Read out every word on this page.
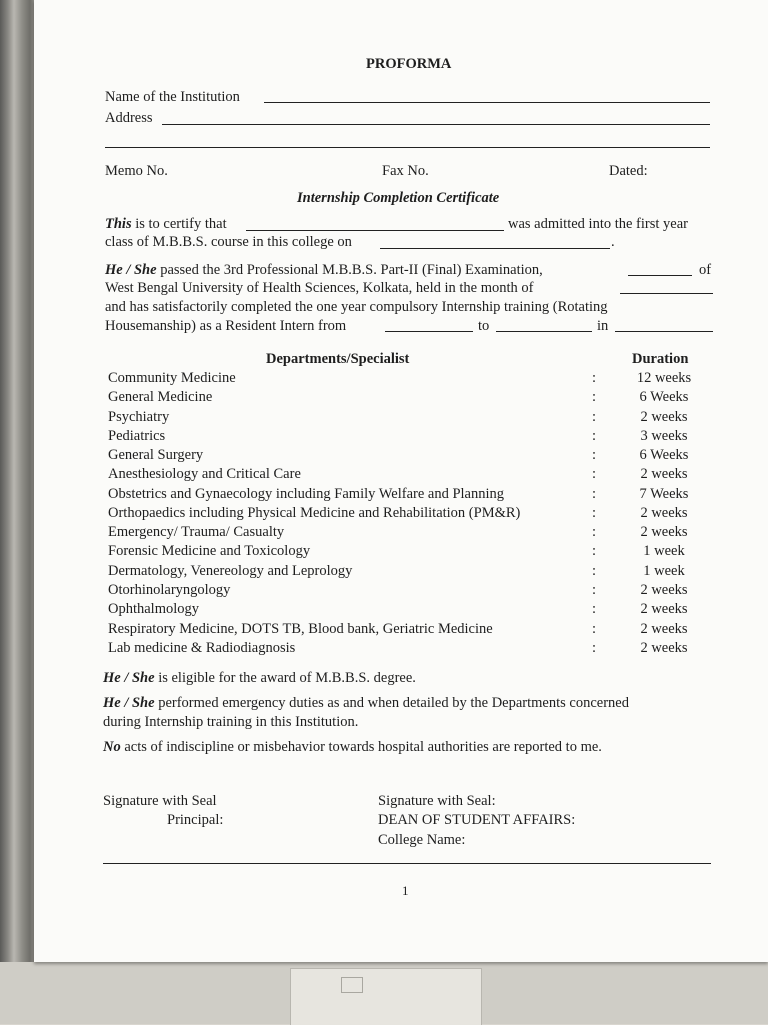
PROFORMA
Name of the Institution
Address
Memo No.	Fax No.	Dated:
Internship Completion Certificate
This is to certify that	was admitted into the first year
class of M.B.B.S. course in this college on	.
He / She passed the 3rd Professional M.B.B.S. Part-II (Final) Examination,	of
West Bengal University of Health Sciences, Kolkata, held in the month of
and has satisfactorily completed the one year compulsory Internship training (Rotating
Housemanship) as a Resident Intern from	to	in
Departments/Specialist	Duration
Community Medicine	:	12 weeks
General Medicine	:	6 Weeks
Psychiatry	:	2 weeks
Pediatrics	:	3 weeks
General Surgery	:	6 Weeks
Anesthesiology and Critical Care	:	2 weeks
Obstetrics and Gynaecology including Family Welfare and Planning	:	7 Weeks
Orthopaedics including Physical Medicine and Rehabilitation (PM&R)	:	2 weeks
Emergency/ Trauma/ Casualty	:	2 weeks
Forensic Medicine and Toxicology	:	1 week
Dermatology, Venereology and Leprology	:	1 week
Otorhinolaryngology	:	2 weeks
Ophthalmology	:	2 weeks
Respiratory Medicine, DOTS TB, Blood bank, Geriatric Medicine	:	2 weeks
Lab medicine & Radiodiagnosis	:	2 weeks
He / She is eligible for the award of M.B.B.S. degree.
He / She performed emergency duties as and when detailed by the Departments concerned
during Internship training in this Institution.
No acts of indiscipline or misbehavior towards hospital authorities are reported to me.
Signature with Seal
Principal:
Signature with Seal:
DEAN OF STUDENT AFFAIRS:
College Name:
1
